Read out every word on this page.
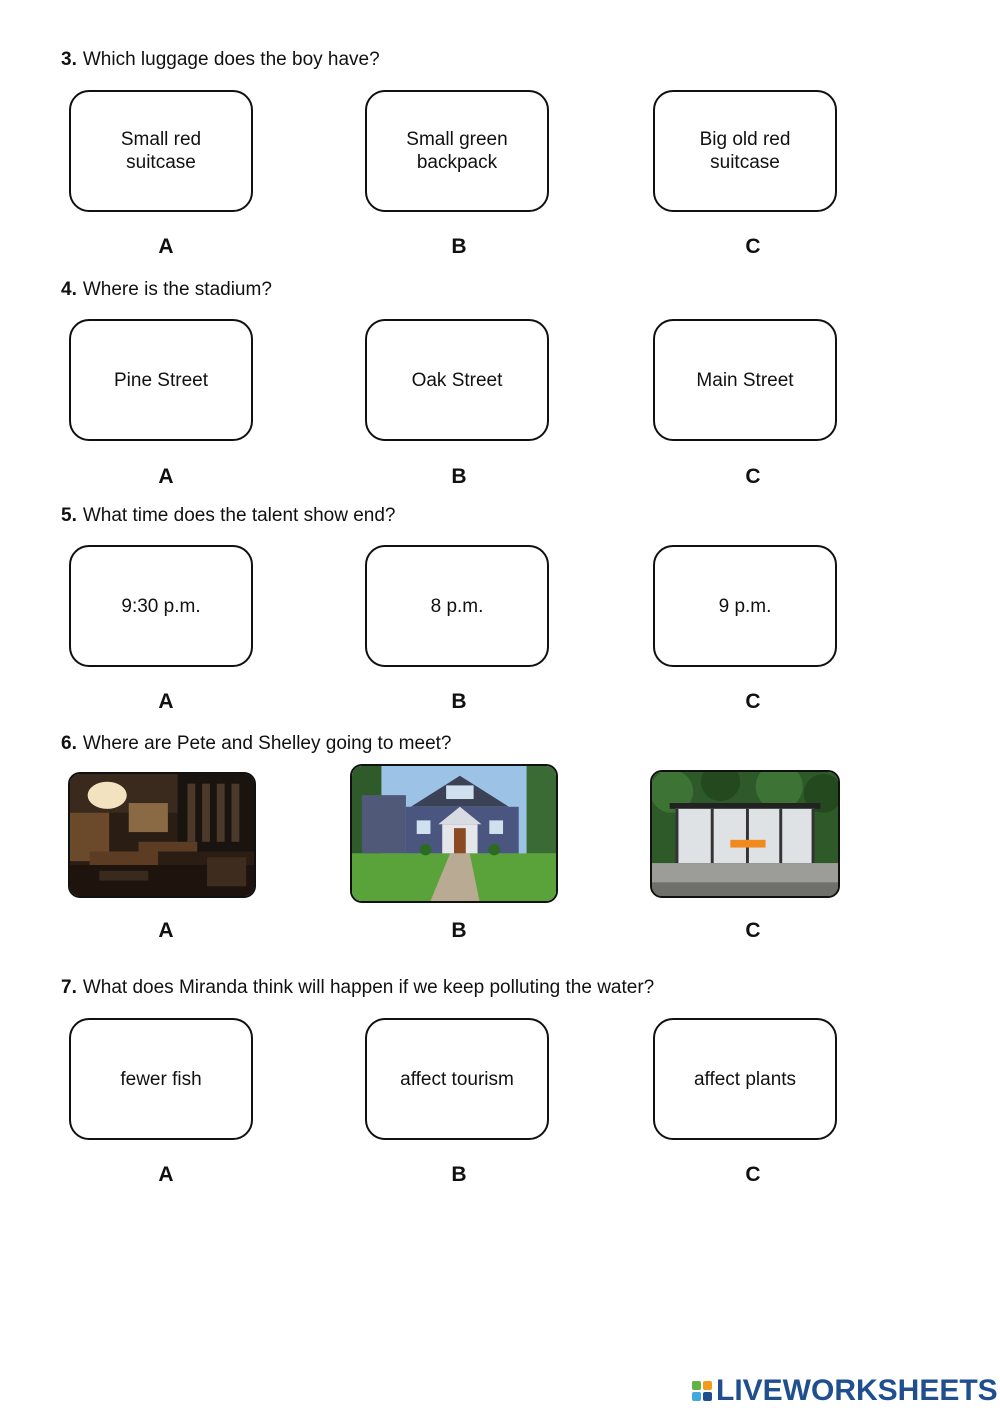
3. Which luggage does the boy have?
Small red suitcase
Small green backpack
Big old red suitcase
A	B	C
4. Where is the stadium?
Pine Street	Oak Street	Main Street
A	B	C
5. What time does the talent show end?
9:30 p.m.	8 p.m.	9 p.m.
A	B	C
6. Where are Pete and Shelley going to meet?
A	B	C
7. What does Miranda think will happen if we keep polluting the water?
fewer fish	affect tourism	affect plants
A	B	C
LIVEWORKSHEETS
